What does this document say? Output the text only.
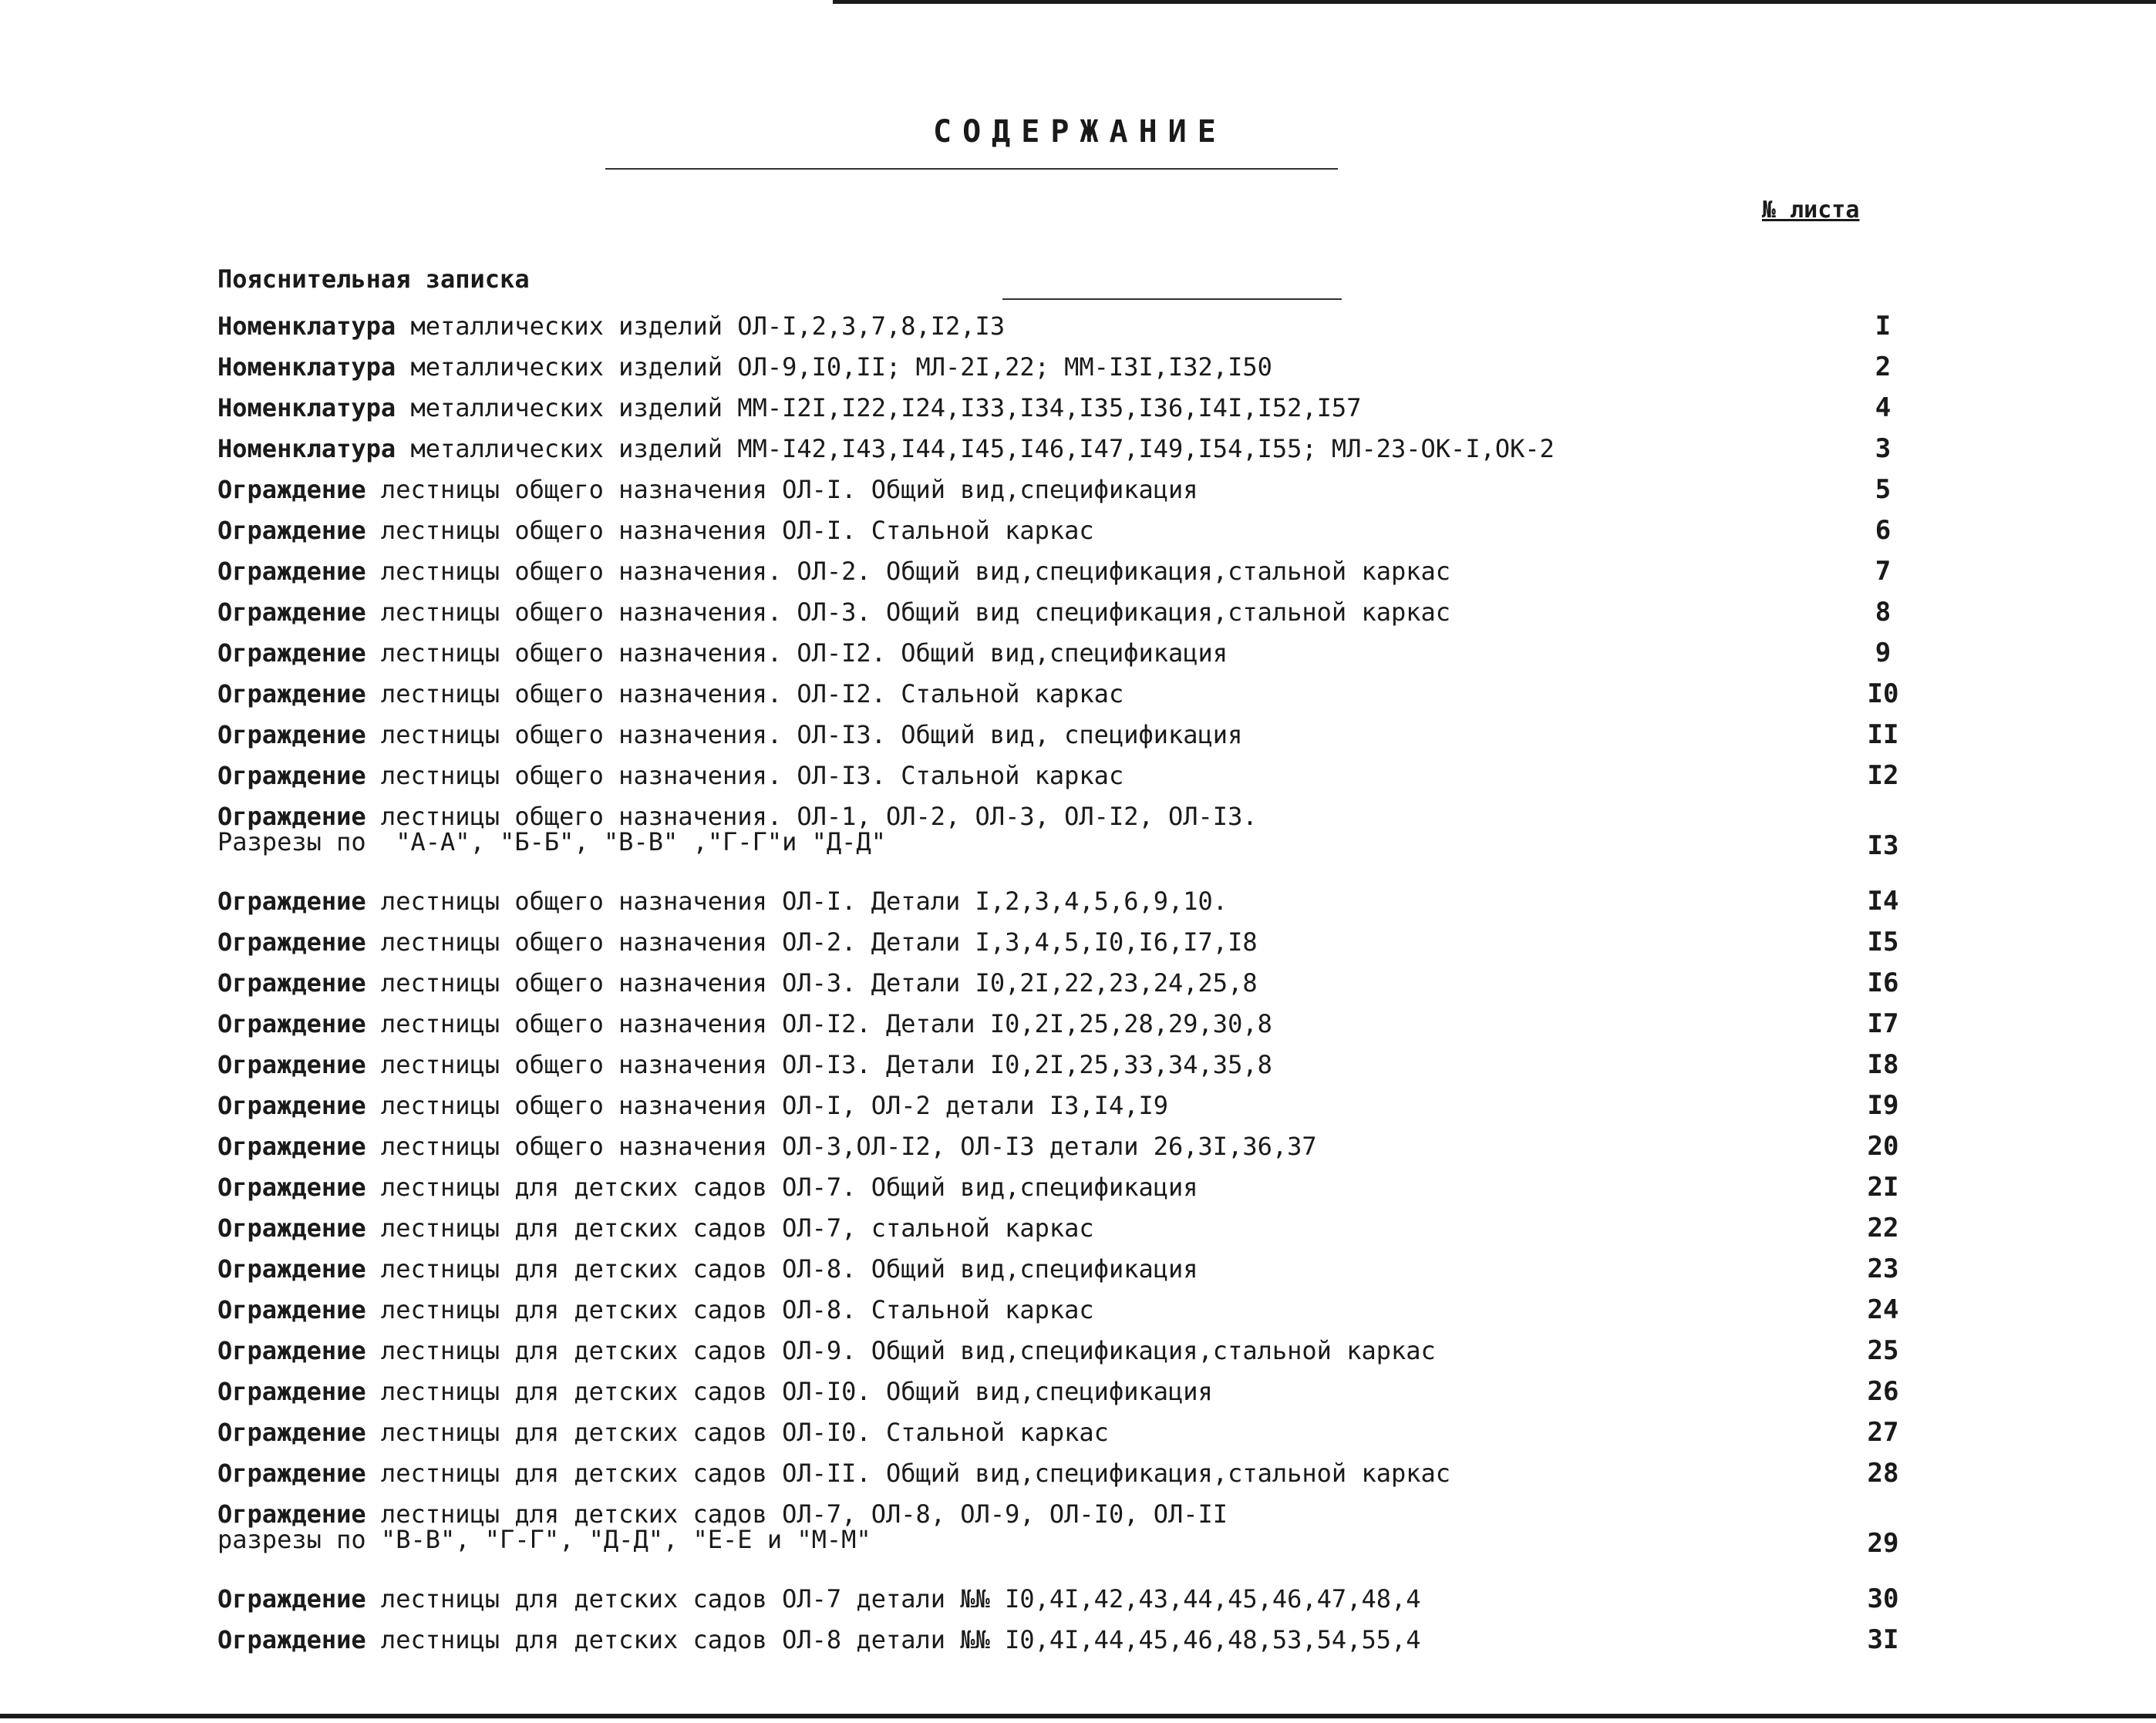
СОДЕРЖАНИЕ
№ листа
Пояснительная записка
Номенклатура металлических изделий ОЛ-I,2,3,7,8,I2,I3	I
Номенклатура металлических изделий ОЛ-9,I0,II; МЛ-2I,22; ММ-I3I,I32,I50	2
Номенклатура металлических изделий ММ-I2I,I22,I24,I33,I34,I35,I36,I4I,I52,I57	4
Номенклатура металлических изделий ММ-I42,I43,I44,I45,I46,I47,I49,I54,I55; МЛ-23-ОК-I,ОК-2	3
Ограждение лестницы общего назначения ОЛ-I. Общий вид,спецификация	5
Ограждение лестницы общего назначения ОЛ-I. Стальной каркас	6
Ограждение лестницы общего назначения. ОЛ-2. Общий вид,спецификация,стальной каркас	7
Ограждение лестницы общего назначения. ОЛ-3. Общий вид спецификация,стальной каркас	8
Ограждение лестницы общего назначения. ОЛ-I2. Общий вид,спецификация	9
Ограждение лестницы общего назначения. ОЛ-I2. Стальной каркас	I0
Ограждение лестницы общего назначения. ОЛ-I3. Общий вид, спецификация	II
Ограждение лестницы общего назначения. ОЛ-I3. Стальной каркас	I2
Ограждение лестницы общего назначения. ОЛ-1, ОЛ-2, ОЛ-3, ОЛ-I2, ОЛ-I3.
Разрезы по  "А-А", "Б-Б", "В-В" ,"Г-Г"и "Д-Д"	I3
Ограждение лестницы общего назначения ОЛ-I. Детали I,2,3,4,5,6,9,10.	I4
Ограждение лестницы общего назначения ОЛ-2. Детали I,3,4,5,I0,I6,I7,I8	I5
Ограждение лестницы общего назначения ОЛ-3. Детали I0,2I,22,23,24,25,8	I6
Ограждение лестницы общего назначения ОЛ-I2. Детали I0,2I,25,28,29,30,8	I7
Ограждение лестницы общего назначения ОЛ-I3. Детали I0,2I,25,33,34,35,8	I8
Ограждение лестницы общего назначения ОЛ-I, ОЛ-2 детали I3,I4,I9	I9
Ограждение лестницы общего назначения ОЛ-3,ОЛ-I2, ОЛ-I3 детали 26,3I,36,37	20
Ограждение лестницы для детских садов ОЛ-7. Общий вид,спецификация	2I
Ограждение лестницы для детских садов ОЛ-7, стальной каркас	22
Ограждение лестницы для детских садов ОЛ-8. Общий вид,спецификация	23
Ограждение лестницы для детских садов ОЛ-8. Стальной каркас	24
Ограждение лестницы для детских садов ОЛ-9. Общий вид,спецификация,стальной каркас	25
Ограждение лестницы для детских садов ОЛ-I0. Общий вид,спецификация	26
Ограждение лестницы для детских садов ОЛ-I0. Стальной каркас	27
Ограждение лестницы для детских садов ОЛ-II. Общий вид,спецификация,стальной каркас	28
Ограждение лестницы для детских садов ОЛ-7, ОЛ-8, ОЛ-9, ОЛ-I0, ОЛ-II
разрезы по "В-В", "Г-Г", "Д-Д", "Е-Е и "М-М"	29
Ограждение лестницы для детских садов ОЛ-7 детали №№ I0,4I,42,43,44,45,46,47,48,4	30
Ограждение лестницы для детских садов ОЛ-8 детали №№ I0,4I,44,45,46,48,53,54,55,4	3I
